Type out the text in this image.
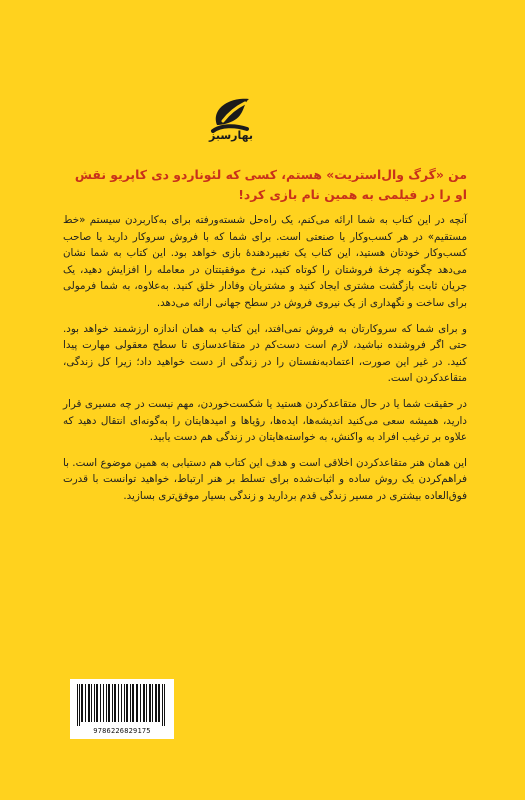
بهارسبز
من «گرگ وال‌استریت» هستم، کسی که لئوناردو دی کاپریو نقش
او را در فیلمی به همین نام بازی کرد!

آنچه در این کتاب به شما ارائه می‌کنم، یک راه‌حل شسته‌ورفته برای به‌کاربردن سیستم «خط مستقیم» در هر کسب‌وکار یا صنعتی است. برای شما که با فروش سروکار دارید یا صاحب کسب‌وکار خودتان هستید، این کتاب یک تغییردهندهٔ بازی خواهد بود. این کتاب به شما نشان می‌دهد چگونه چرخهٔ فروشتان را کوتاه کنید، نرخ موفقیتتان در معامله را افزایش دهید، یک جریان ثابت بازگشت مشتری ایجاد کنید و مشتریان وفادار خلق کنید. به‌علاوه، به شما فرمولی برای ساخت و نگهداری از یک نیروی فروش در سطح جهانی ارائه می‌دهد.

و برای شما که سروکارتان به فروش نمی‌افتد، این کتاب به همان اندازه ارزشمند خواهد بود. حتی اگر فروشنده نباشید، لازم است دست‌کم در متقاعدسازی تا سطح معقولی مهارت پیدا کنید. در غیر این صورت، اعتمادبه‌نفستان را در زندگی از دست خواهید داد؛ زیرا کل زندگی، متقاعدکردن است.

در حقیقت شما یا در حال متقاعدکردن هستید یا شکست‌خوردن، مهم نیست در چه مسیری قرار دارید، همیشه سعی می‌کنید اندیشه‌ها، ایده‌ها، رؤیاها و امیدهایتان را به‌گونه‌ای انتقال دهید که علاوه بر ترغیب افراد به واکنش، به خواسته‌هایتان در زندگی هم دست یابید.

این همان هنر متقاعدکردن اخلاقی است و هدف این کتاب هم دستیابی به همین موضوع است. با فراهم‌کردن یک روش ساده و اثبات‌شده برای تسلط بر هنر ارتباط، خواهید توانست با قدرت فوق‌العاده بیشتری در مسیر زندگی قدم بردارید و زندگی بسیار موفق‌تری بسازید.

9786226829175
